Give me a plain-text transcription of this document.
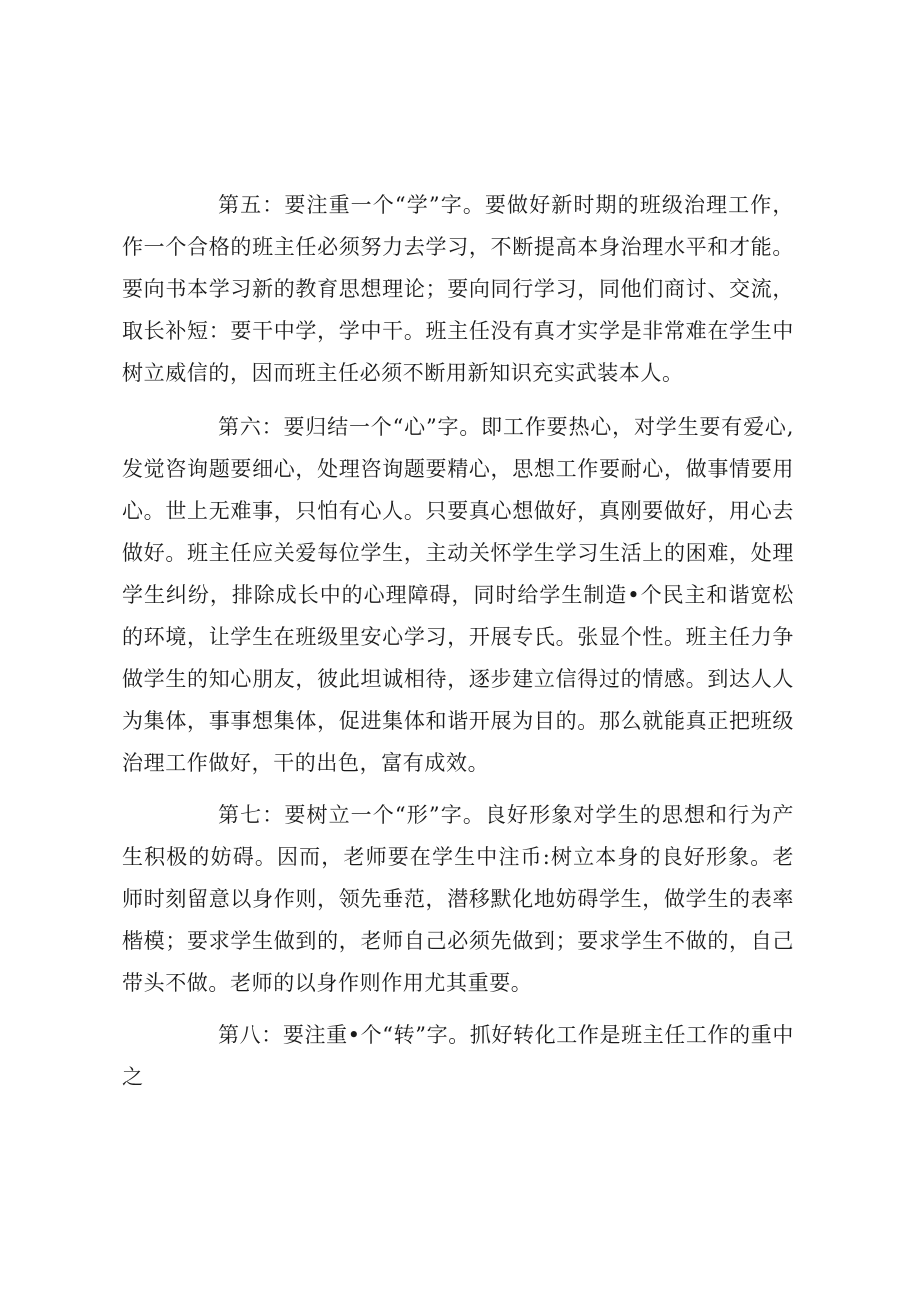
第五：要注重一个“学”字。要做好新时期的班级治理工作，作一个合格的班主任必须努力去学习，不断提高本身治理水平和才能。要向书本学习新的教育思想理论；要向同行学习，同他们商讨、交流，取长补短：要干中学，学中干。班主任没有真才实学是非常难在学生中树立威信的，因而班主任必须不断用新知识充实武装本人。

第六：要归结一个“心”字。即工作要热心，对学生要有爱心,发觉咨询题要细心，处理咨询题要精心，思想工作要耐心，做事情要用心。世上无难事，只怕有心人。只要真心想做好，真刚要做好，用心去做好。班主任应关爱每位学生，主动关怀学生学习生活上的困难，处理学生纠纷，排除成长中的心理障碍，同时给学生制造•个民主和谐宽松的环境，让学生在班级里安心学习，开展专氏。张显个性。班主任力争做学生的知心朋友，彼此坦诚相待，逐步建立信得过的情感。到达人人为集体，事事想集体，促进集体和谐开展为目的。那么就能真正把班级治理工作做好，干的出色，富有成效。

第七：要树立一个“形”字。良好形象对学生的思想和行为产生积极的妨碍。因而，老师要在学生中注币:树立本身的良好形象。老师时刻留意以身作则，领先垂范，潜移默化地妨碍学生，做学生的表率楷模；要求学生做到的，老师自己必须先做到；要求学生不做的，自己带头不做。老师的以身作则作用尤其重要。

第八：要注重•个“转”字。抓好转化工作是班主任工作的重中之
